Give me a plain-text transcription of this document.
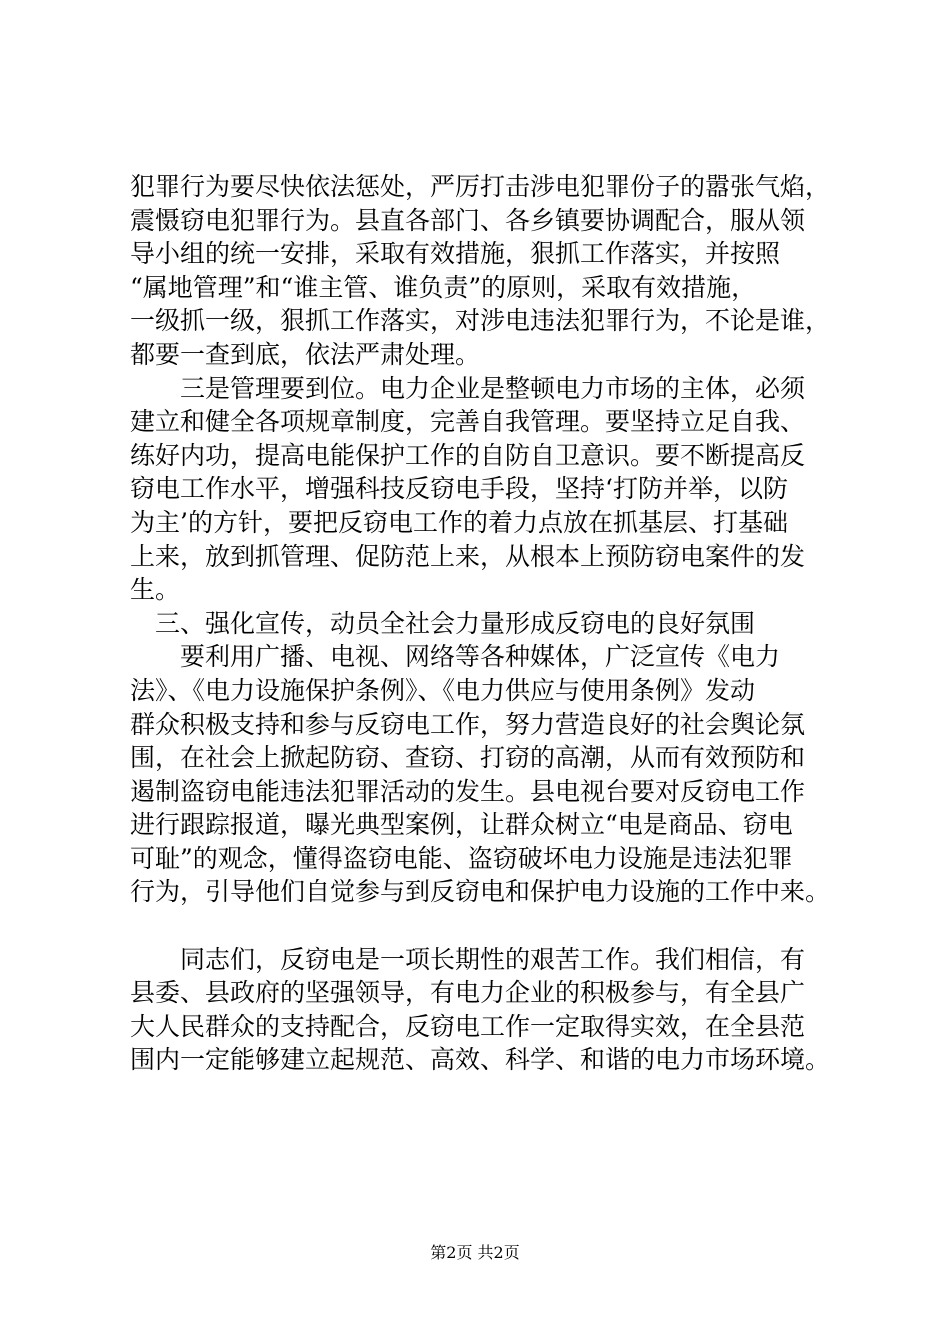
犯罪行为要尽快依法惩处，严厉打击涉电犯罪份子的嚣张气焰，
震慑窃电犯罪行为。县直各部门、各乡镇要协调配合，服从领
导小组的统一安排，采取有效措施，狠抓工作落实，并按照
“属地管理”和“谁主管、谁负责”的原则，采取有效措施，
一级抓一级，狠抓工作落实，对涉电违法犯罪行为，不论是谁，
都要一查到底，依法严肃处理。
　　三是管理要到位。电力企业是整顿电力市场的主体，必须
建立和健全各项规章制度，完善自我管理。要坚持立足自我、
练好内功，提高电能保护工作的自防自卫意识。要不断提高反
窃电工作水平，增强科技反窃电手段，坚持‘打防并举，以防
为主’的方针，要把反窃电工作的着力点放在抓基层、打基础
上来，放到抓管理、促防范上来，从根本上预防窃电案件的发
生。
　三、强化宣传，动员全社会力量形成反窃电的良好氛围
　　要利用广播、电视、网络等各种媒体，广泛宣传《电力
法》、《电力设施保护条例》、《电力供应与使用条例》发动
群众积极支持和参与反窃电工作，努力营造良好的社会舆论氛
围，在社会上掀起防窃、查窃、打窃的高潮，从而有效预防和
遏制盗窃电能违法犯罪活动的发生。县电视台要对反窃电工作
进行跟踪报道，曝光典型案例，让群众树立“电是商品、窃电
可耻”的观念，懂得盗窃电能、盗窃破坏电力设施是违法犯罪
行为，引导他们自觉参与到反窃电和保护电力设施的工作中来。
　　同志们，反窃电是一项长期性的艰苦工作。我们相信，有
县委、县政府的坚强领导，有电力企业的积极参与，有全县广
大人民群众的支持配合，反窃电工作一定取得实效，在全县范
围内一定能够建立起规范、高效、科学、和谐的电力市场环境。
第2页 共2页
